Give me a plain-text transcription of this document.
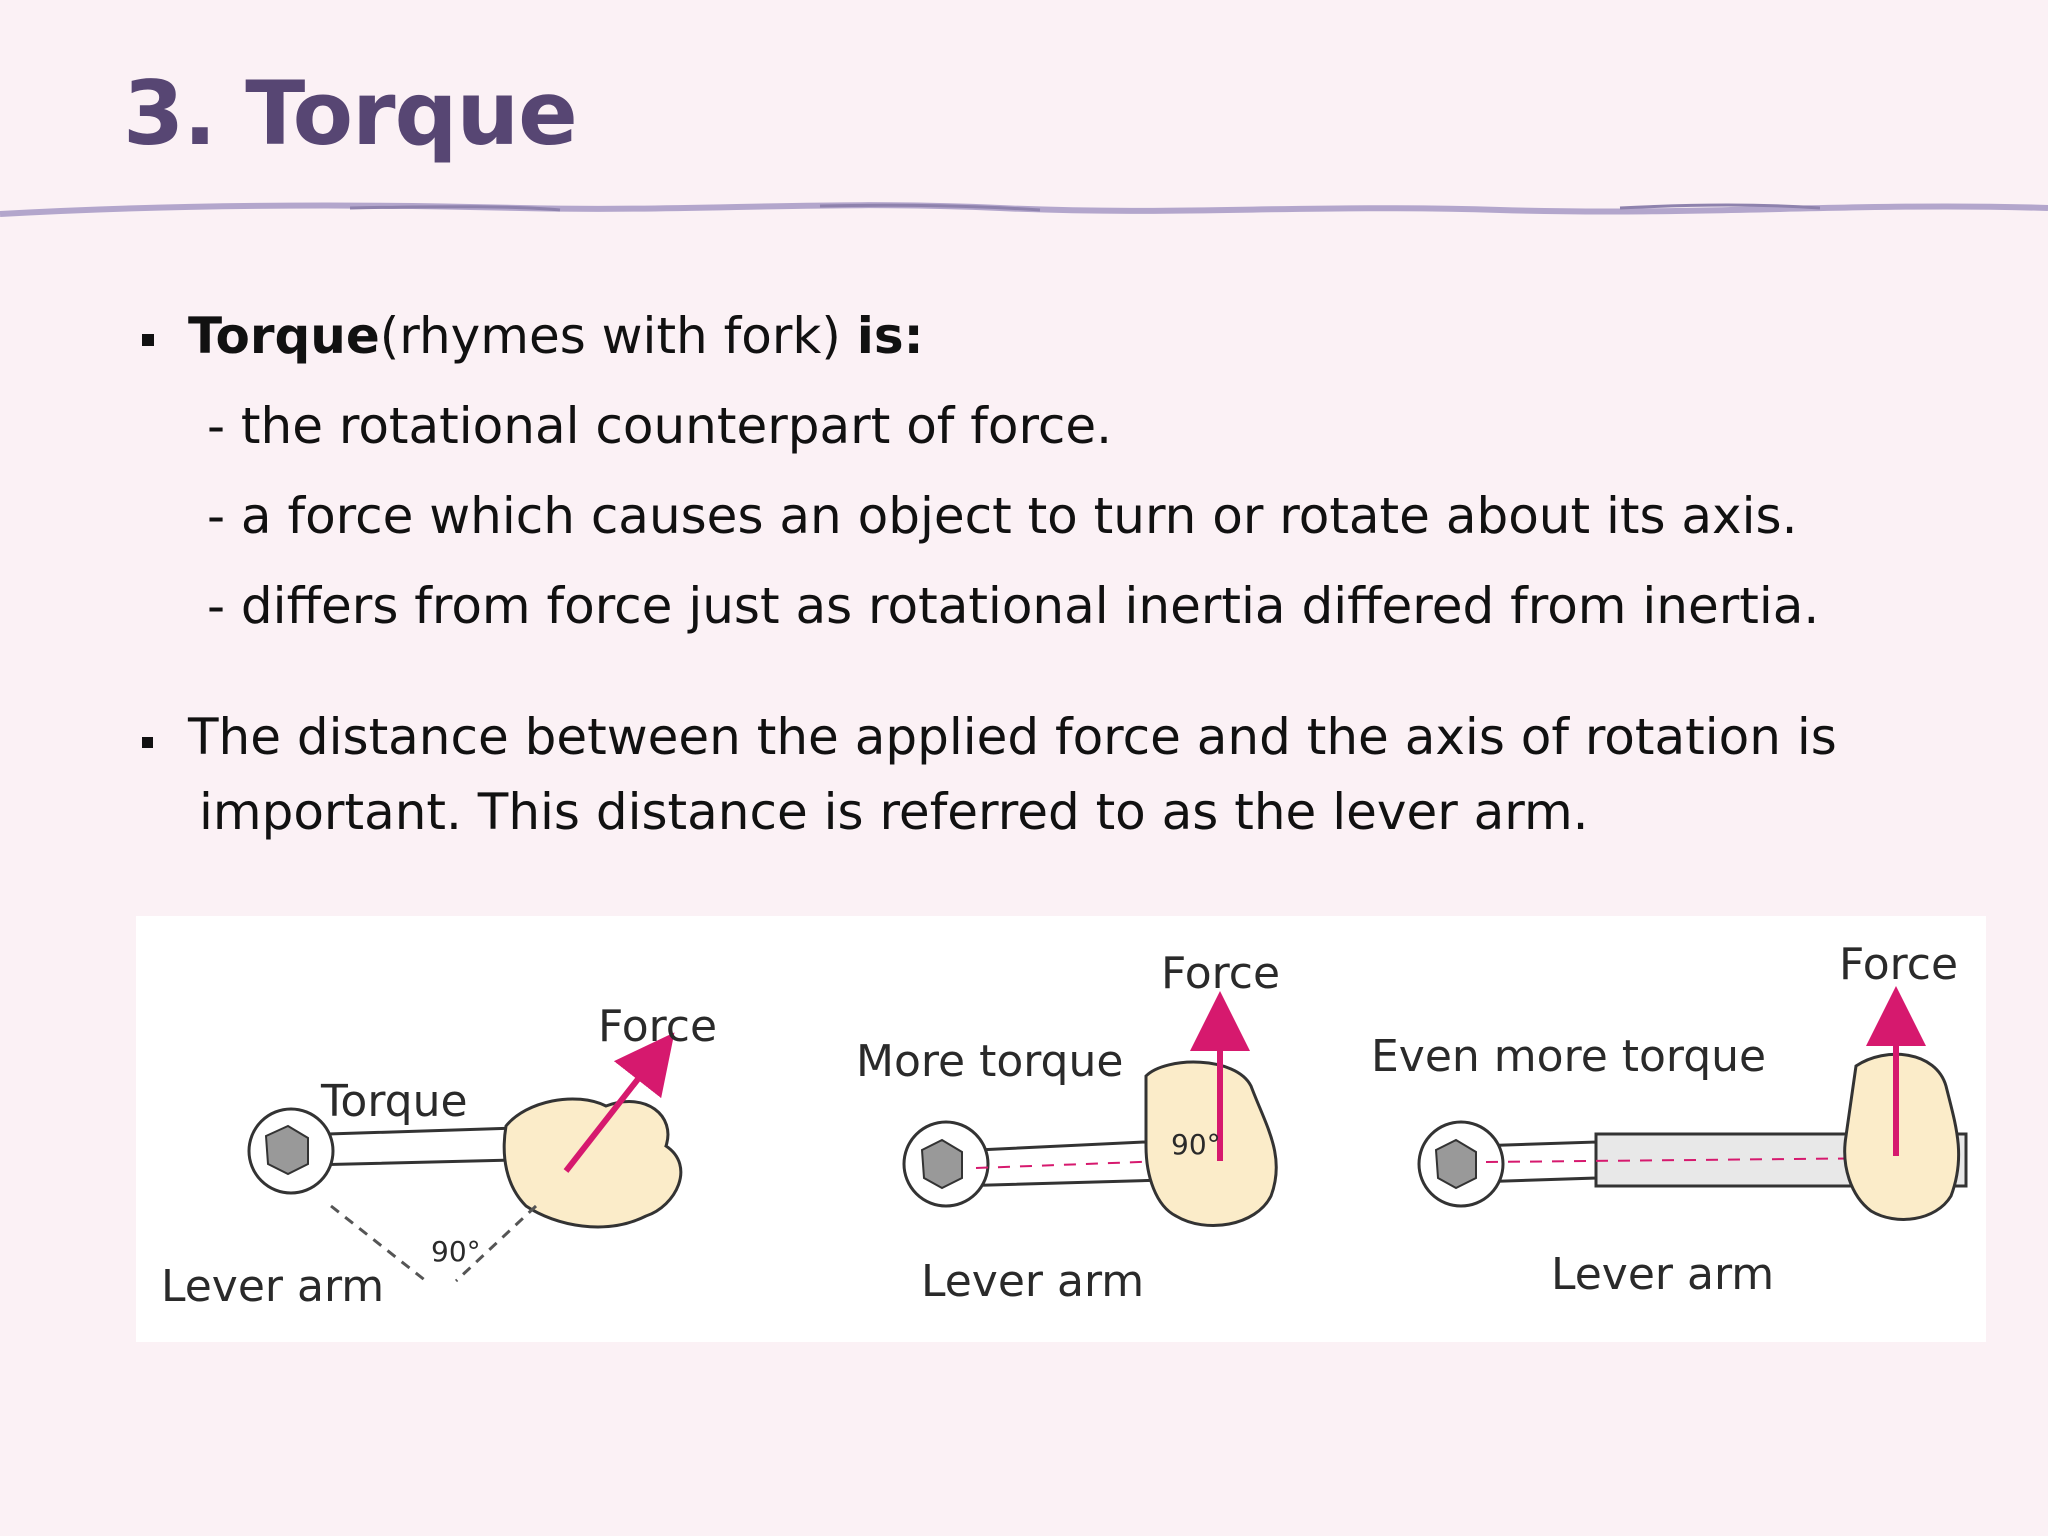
3. Torque
Torque(rhymes with fork) is:
- the rotational counterpart of force.
- a force which causes an object to turn or rotate about its axis.
- differs from force just as rotational inertia differed from inertia.
The distance between the applied force and the axis of rotation is
important. This distance is referred to as the lever arm.
Force
Torque
Lever arm
90°
Force
More torque
Lever arm
90°
Force
Even more torque
Lever arm
